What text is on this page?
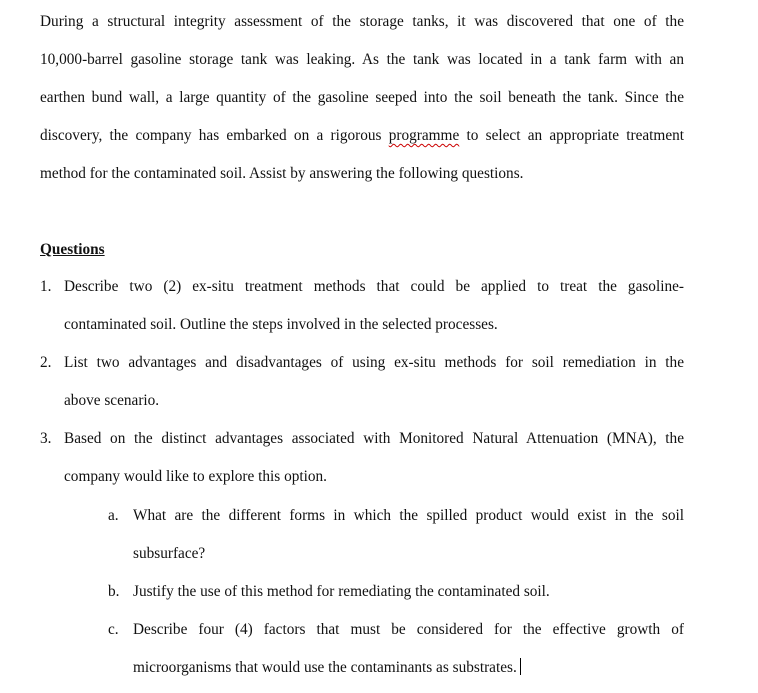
During a structural integrity assessment of the storage tanks, it was discovered that one of the
10,000-barrel gasoline storage tank was leaking. As the tank was located in a tank farm with an
earthen bund wall, a large quantity of the gasoline seeped into the soil beneath the tank. Since the
discovery, the company has embarked on a rigorous programme to select an appropriate treatment
method for the contaminated soil. Assist by answering the following questions.
Questions
1. Describe two (2) ex-situ treatment methods that could be applied to treat the gasoline-
contaminated soil. Outline the steps involved in the selected processes.
2. List two advantages and disadvantages of using ex-situ methods for soil remediation in the
above scenario.
3. Based on the distinct advantages associated with Monitored Natural Attenuation (MNA), the
company would like to explore this option.
a. What are the different forms in which the spilled product would exist in the soil
subsurface?
b. Justify the use of this method for remediating the contaminated soil.
c. Describe four (4) factors that must be considered for the effective growth of
microorganisms that would use the contaminants as substrates.
